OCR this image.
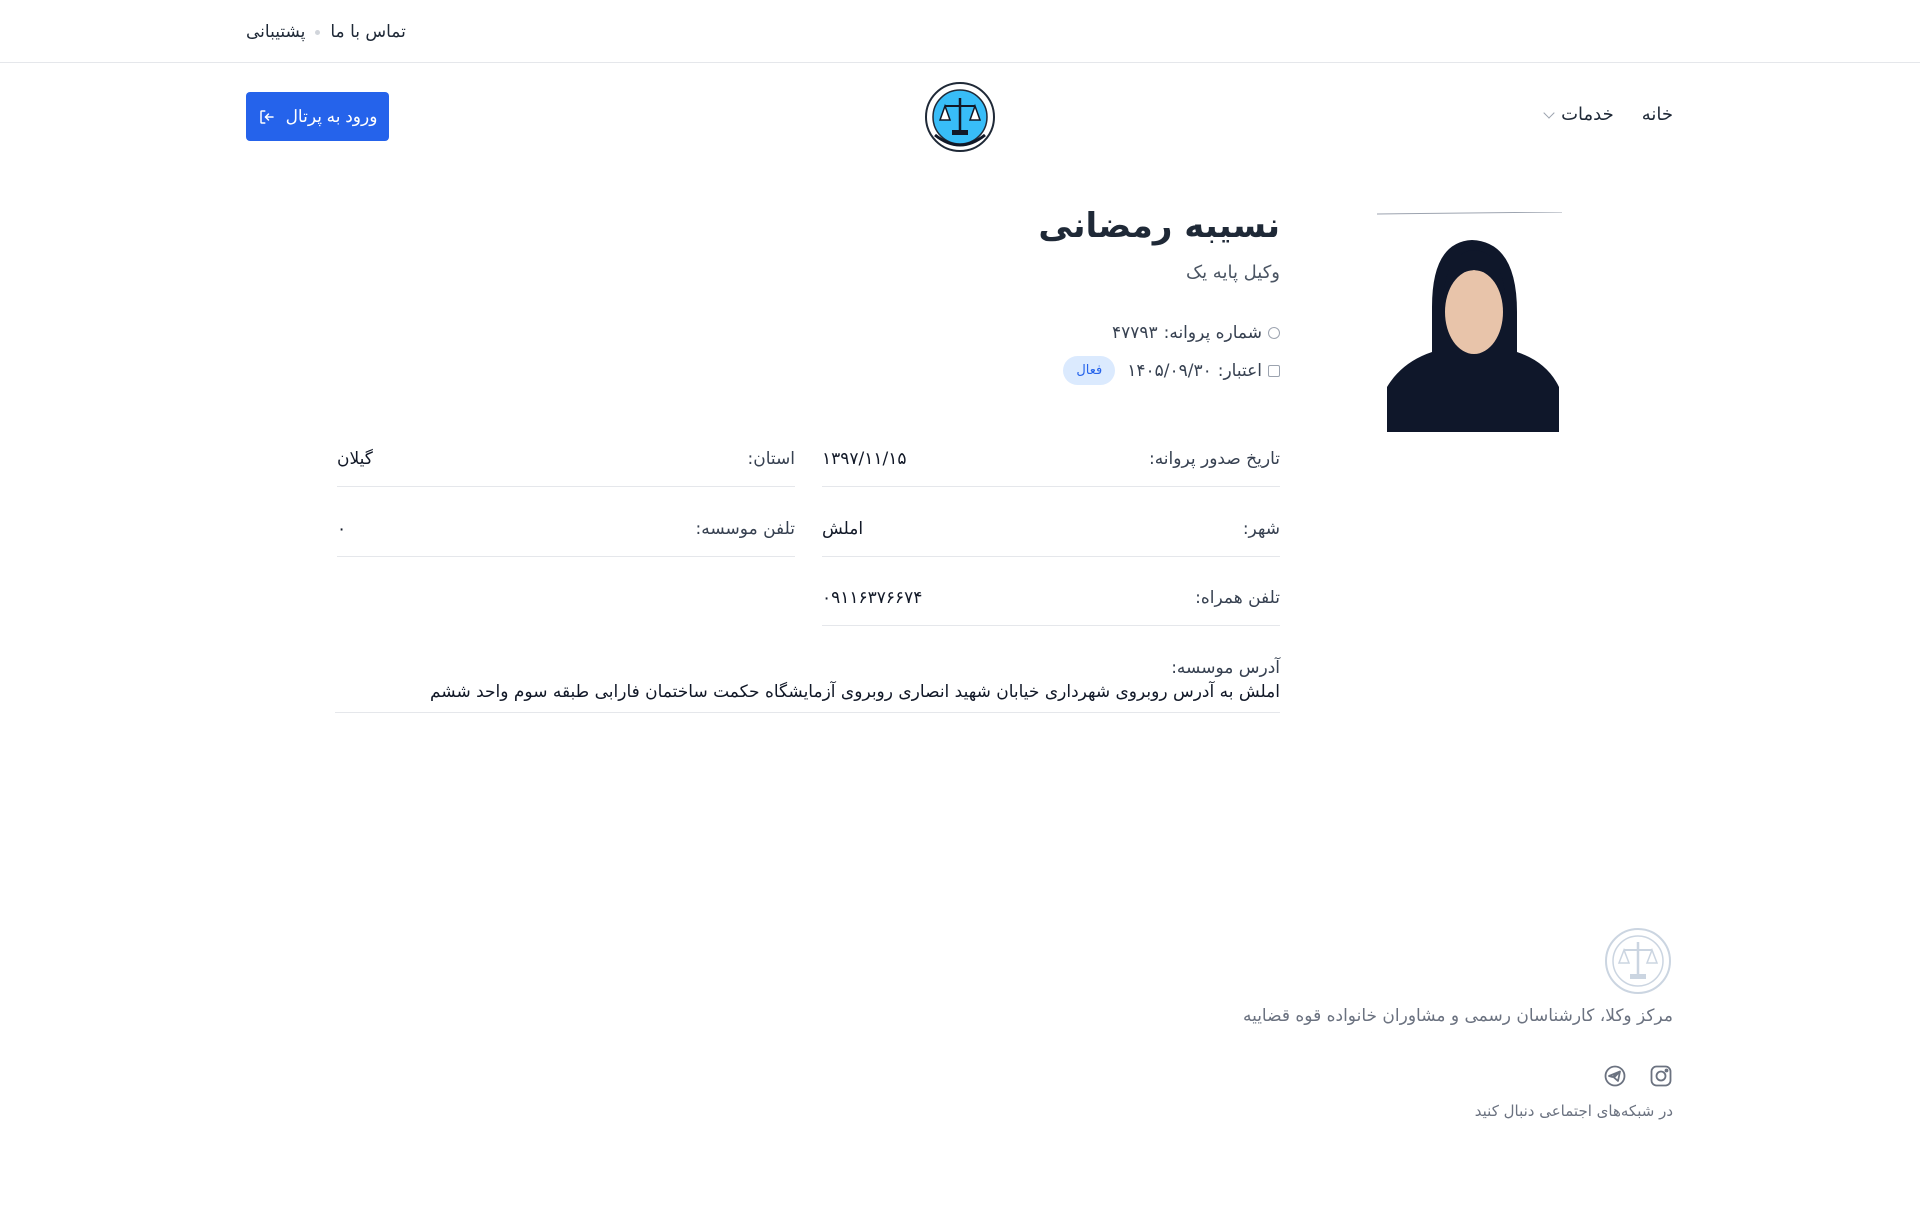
پشتیبانی تماس با ما
ورود به پرتال	خانه
خدمات
نسیبه رمضانی
وکیل پایه یک
شماره پروانه:
۴۷۷۹۳
اعتبار:
۱۴۰۵/۰۹/۳۰
فعال
تاریخ صدور پروانه:
۱۳۹۷/۱۱/۱۵
استان:
گیلان
شهر:
املش
تلفن موسسه:
۰
تلفن همراه:
۰۹۱۱۶۳۷۶۶۷۴
آدرس موسسه:
املش به آدرس روبروی شهرداری خیابان شهید انصاری روبروی آزمایشگاه حکمت ساختمان فارابی طبقه سوم واحد ششم
مرکز وکلا، کارشناسان رسمی و مشاوران خانواده قوه قضاییه
در شبکه‌های اجتماعی دنبال کنید
